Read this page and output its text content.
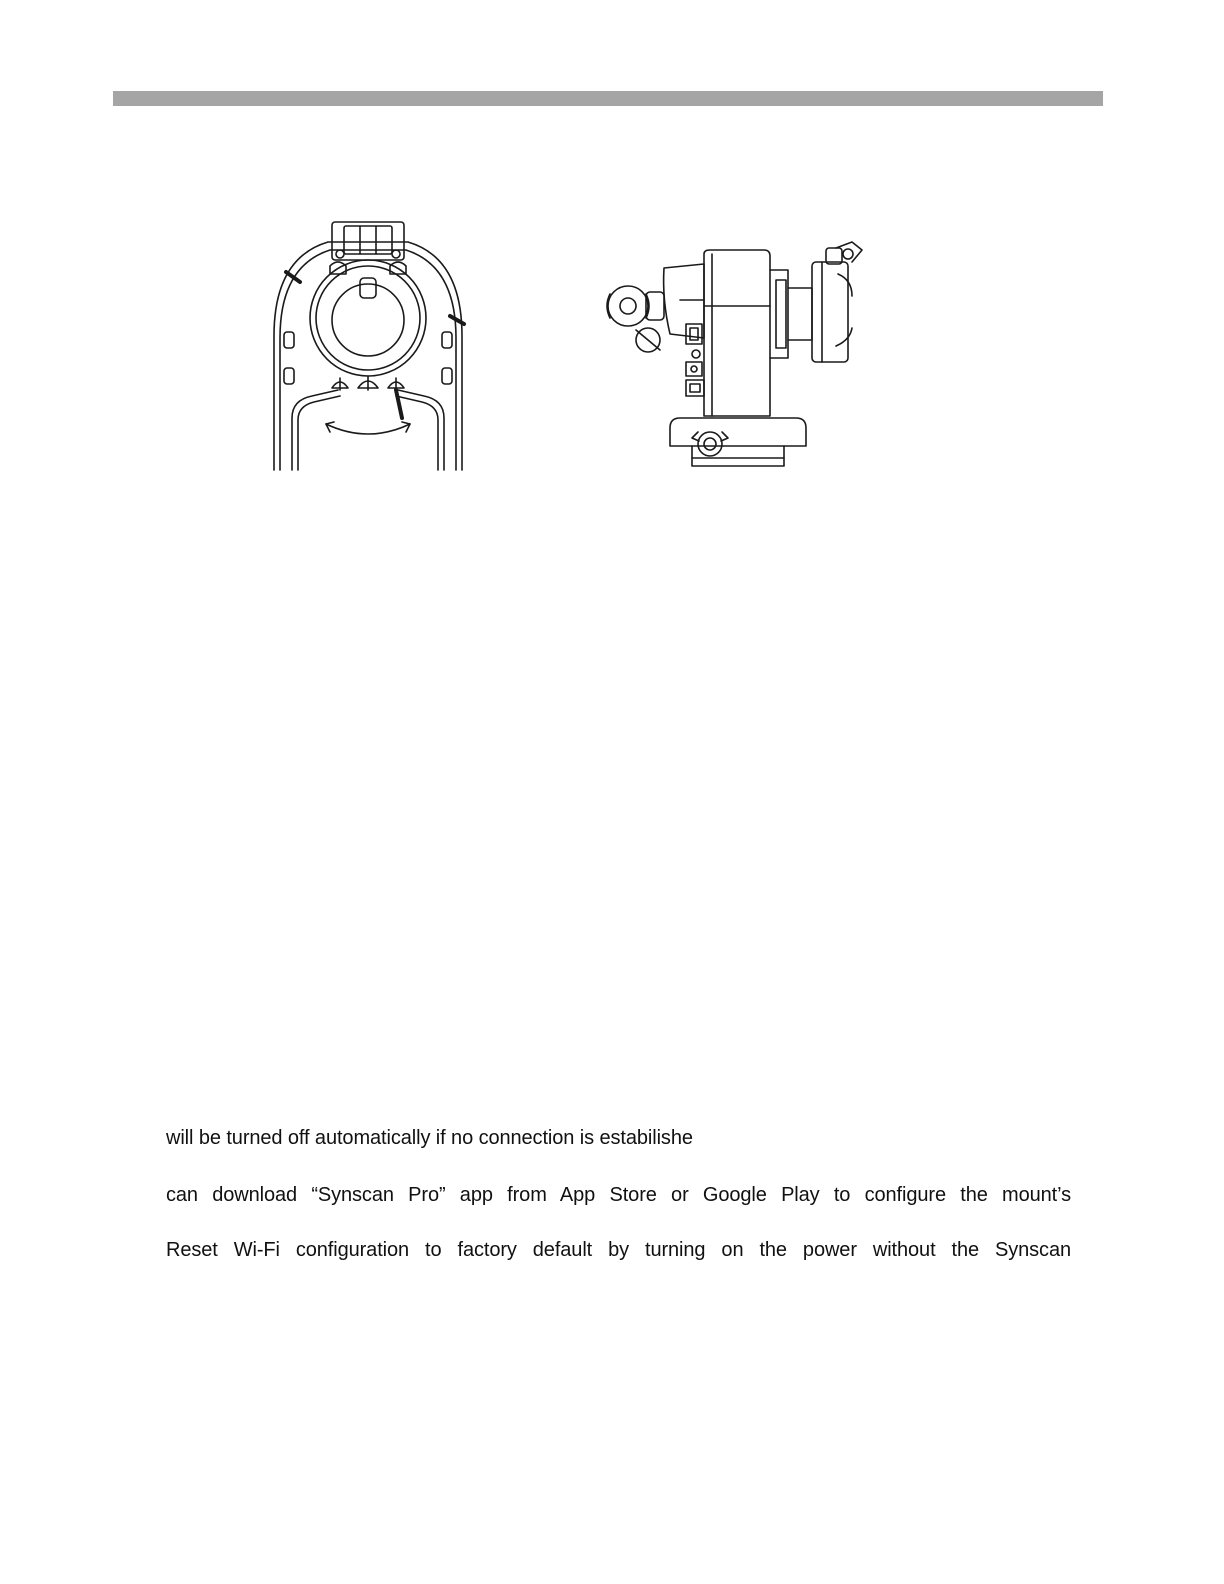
will be turned off automatically if no connection is estabilishe
can download “Synscan Pro” app from App Store or Google Play to configure the mount’s
Reset Wi-Fi configuration to factory default by turning on the power without the Synscan
